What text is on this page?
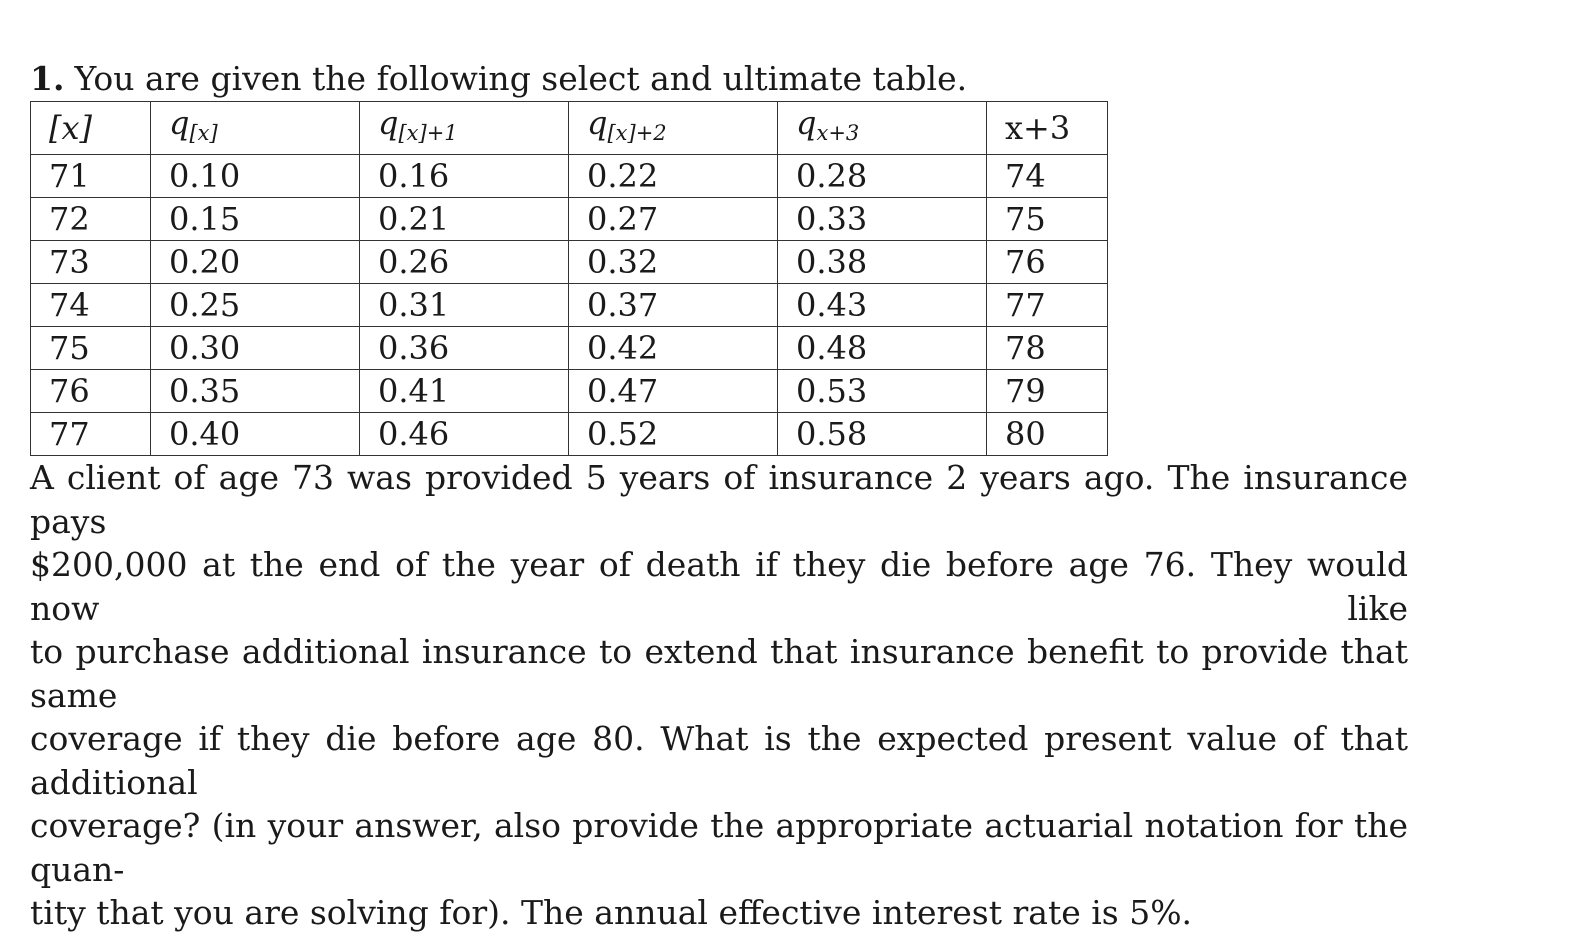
1. You are given the following select and ultimate table.

[x]	$q_{[x]}$	$q_{[x]+1}$	$q_{[x]+2}$	$q_{x+3}$	x+3
71	0.10	0.16	0.22	0.28	74
72	0.15	0.21	0.27	0.33	75
73	0.20	0.26	0.32	0.38	76
74	0.25	0.31	0.37	0.43	77
75	0.30	0.36	0.42	0.48	78
76	0.35	0.41	0.47	0.53	79
77	0.40	0.46	0.52	0.58	80

A client of age 73 was provided 5 years of insurance 2 years ago. The insurance pays
$200,000 at the end of the year of death if they die before age 76. They would now like
to purchase additional insurance to extend that insurance benefit to provide that same
coverage if they die before age 80. What is the expected present value of that additional
coverage? (in your answer, also provide the appropriate actuarial notation for the quan-
tity that you are solving for). The annual effective interest rate is 5%.
